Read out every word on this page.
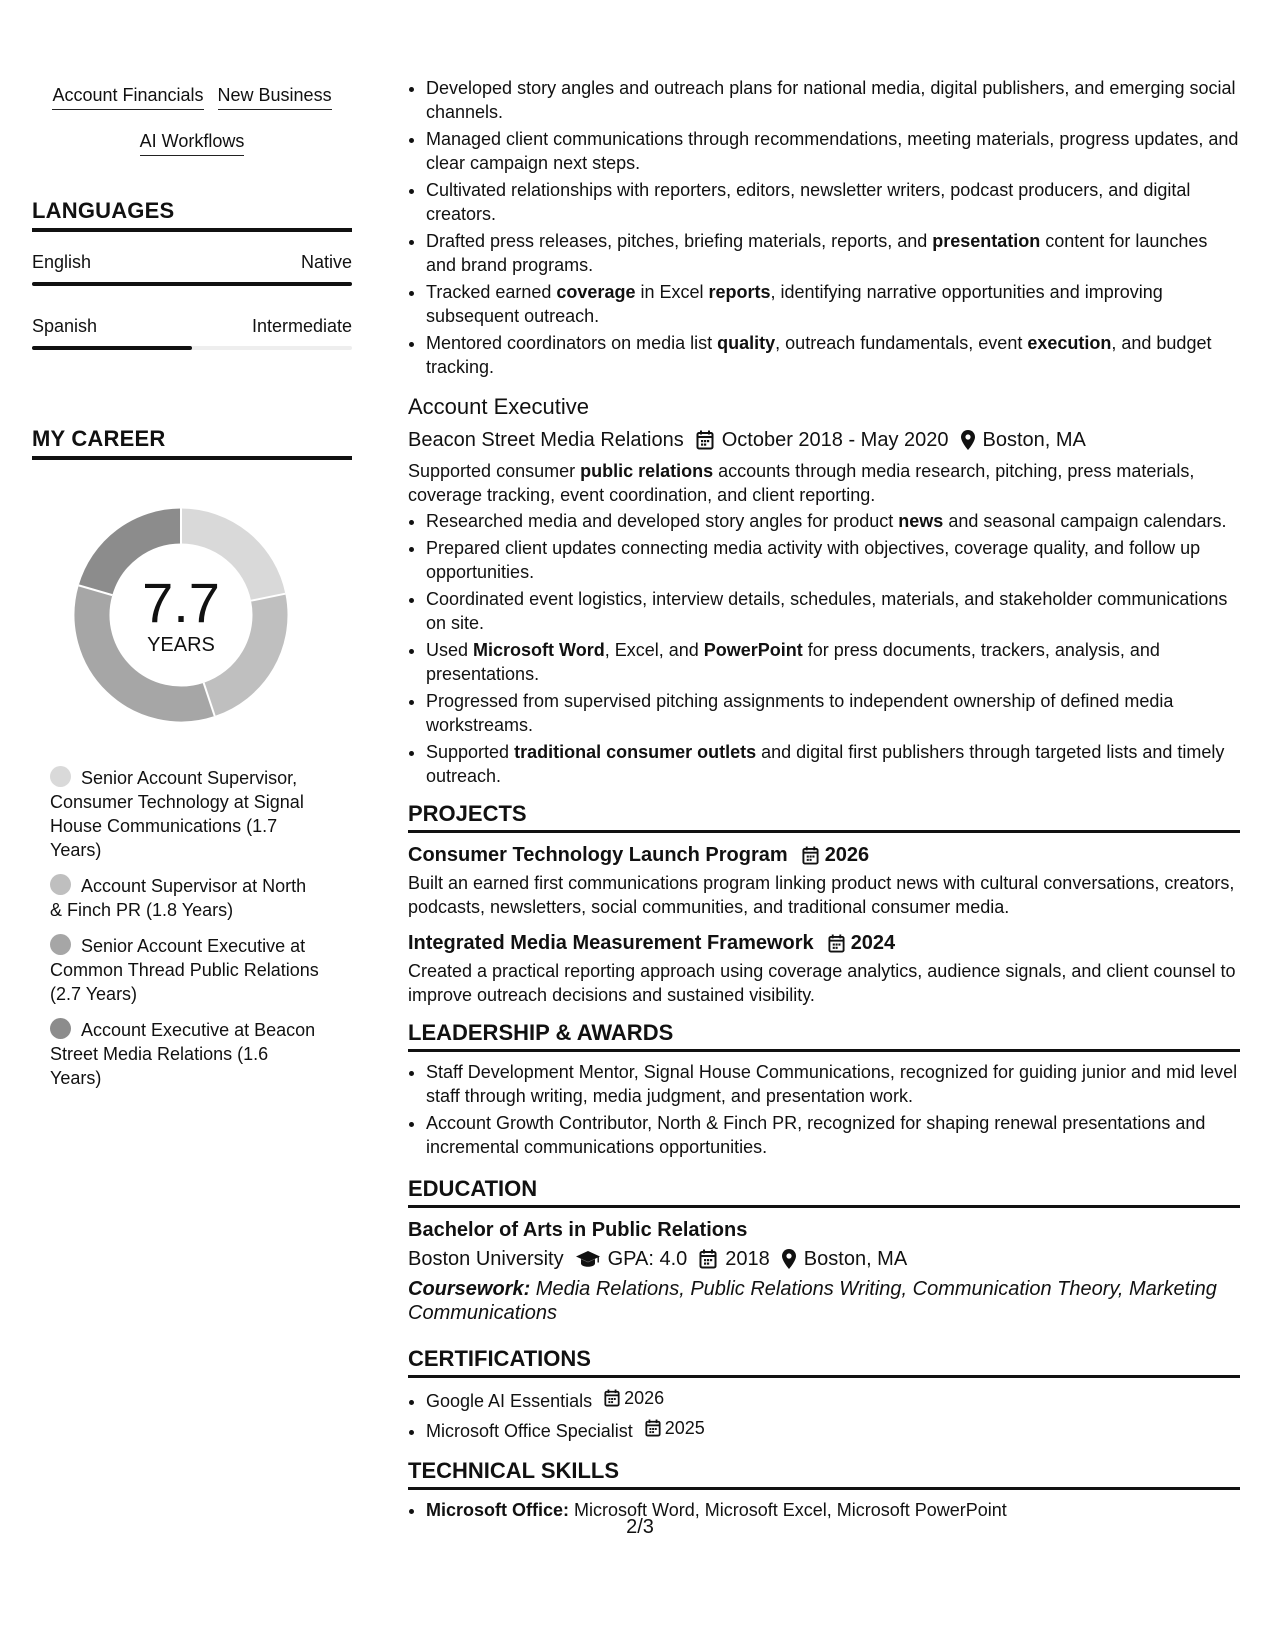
Account Financials New Business
AI Workflows
LANGUAGES
English	Native
Spanish	Intermediate
MY CAREER
7.7
YEARS
Senior Account Supervisor, Consumer Technology at Signal House Communications (1.7 Years)
Account Supervisor at North & Finch PR (1.8 Years)
Senior Account Executive at Common Thread Public Relations (2.7 Years)
Account Executive at Beacon Street Media Relations (1.6 Years)
• Developed story angles and outreach plans for national media, digital publishers, and emerging social channels.
• Managed client communications through recommendations, meeting materials, progress updates, and clear campaign next steps.
• Cultivated relationships with reporters, editors, newsletter writers, podcast producers, and digital creators.
• Drafted press releases, pitches, briefing materials, reports, and presentation content for launches and brand programs.
• Tracked earned coverage in Excel reports, identifying narrative opportunities and improving subsequent outreach.
• Mentored coordinators on media list quality, outreach fundamentals, event execution, and budget tracking.
Account Executive
Beacon Street Media Relations October 2018 - May 2020 Boston, MA
Supported consumer public relations accounts through media research, pitching, press materials, coverage tracking, event coordination, and client reporting.
• Researched media and developed story angles for product news and seasonal campaign calendars.
• Prepared client updates connecting media activity with objectives, coverage quality, and follow up opportunities.
• Coordinated event logistics, interview details, schedules, materials, and stakeholder communications on site.
• Used Microsoft Word, Excel, and PowerPoint for press documents, trackers, analysis, and presentations.
• Progressed from supervised pitching assignments to independent ownership of defined media workstreams.
• Supported traditional consumer outlets and digital first publishers through targeted lists and timely outreach.
PROJECTS
Consumer Technology Launch Program 2026
Built an earned first communications program linking product news with cultural conversations, creators, podcasts, newsletters, social communities, and traditional consumer media.
Integrated Media Measurement Framework 2024
Created a practical reporting approach using coverage analytics, audience signals, and client counsel to improve outreach decisions and sustained visibility.
LEADERSHIP & AWARDS
• Staff Development Mentor, Signal House Communications, recognized for guiding junior and mid level staff through writing, media judgment, and presentation work.
• Account Growth Contributor, North & Finch PR, recognized for shaping renewal presentations and incremental communications opportunities.
EDUCATION
Bachelor of Arts in Public Relations
Boston University GPA: 4.0 2018 Boston, MA
Coursework: Media Relations, Public Relations Writing, Communication Theory, Marketing Communications
CERTIFICATIONS
• Google AI Essentials 2026
• Microsoft Office Specialist 2025
TECHNICAL SKILLS
• Microsoft Office: Microsoft Word, Microsoft Excel, Microsoft PowerPoint
2/3
